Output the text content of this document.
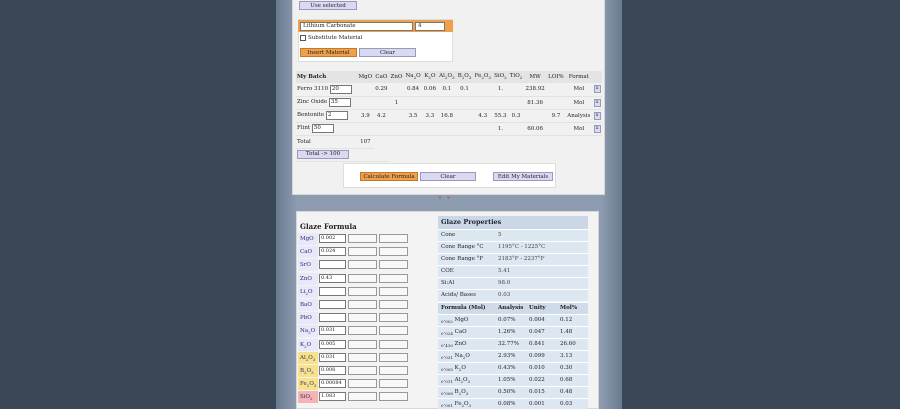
Use selected
Lithium Carbonate	4
Substitute Material
Insert Material	Clear
My Batch	MgO	CaO	ZnO	$Na_2O$	$K_2O$	$Al_2O_3$	$B_2O_3$	$Fe_2O_3$	SiO$_2$	TiO$_2$	MW	LOI%	Format	
Ferro 3110 20		0.29		0.84	0.06	0.1	0.1		1.		238.92		Mol	x
Zinc Oxide 35			1								81.36		Mol	x
Bentonite 2	3.9	4.2		3.5	3.3	16.8		4.3	55.3	0.3		9.7	Analysis	x
Flint 50									1.		60.06		Mol	x
Total	107													
Total -> 100														
Calculate Formula	Clear	Edit My Materials
˅ ˅
Glaze Formula
MgO	0.002
CaO	0.024
SrO
ZnO	0.43
$Li_2O$
BaO
PbO
$Na_2O$	0.031
$K_2O$	0.005
$Al_2O_3$	0.031
$B_2O_3$	0.008
$Fe_2O_3$ 0.00084
SiO$_2$	1.083
Glaze Properties
Cone	5
Cone Range °C	1195°C - 1225°C
Cone Range °F	2183°F - 2237°F
COE	5.41
Si:Al	98.0
Acids/ Bases	0.03
Formula (Mol) Analysis Unity	Mol%
$_0._{002}$ MgO	0.07% 0.004	0.12
$_0._{024}$ CaO	1.26% 0.047	1.48
$_0._{430}$ ZnO	32.77% 0.841	26.60
$_0._{031}$ $Na_2O$	2.93% 0.099	3.13
$_0._{005}$ $K_2O$	0.43% 0.010	0.30
$_0._{011}$ $Al_2O_3$	1.05% 0.022	0.68
$_0._{008}$ $B_2O_3$	0.50% 0.015	0.48
$_0._{001}$ $Fe_2O_3$	0.08% 0.001	0.03
